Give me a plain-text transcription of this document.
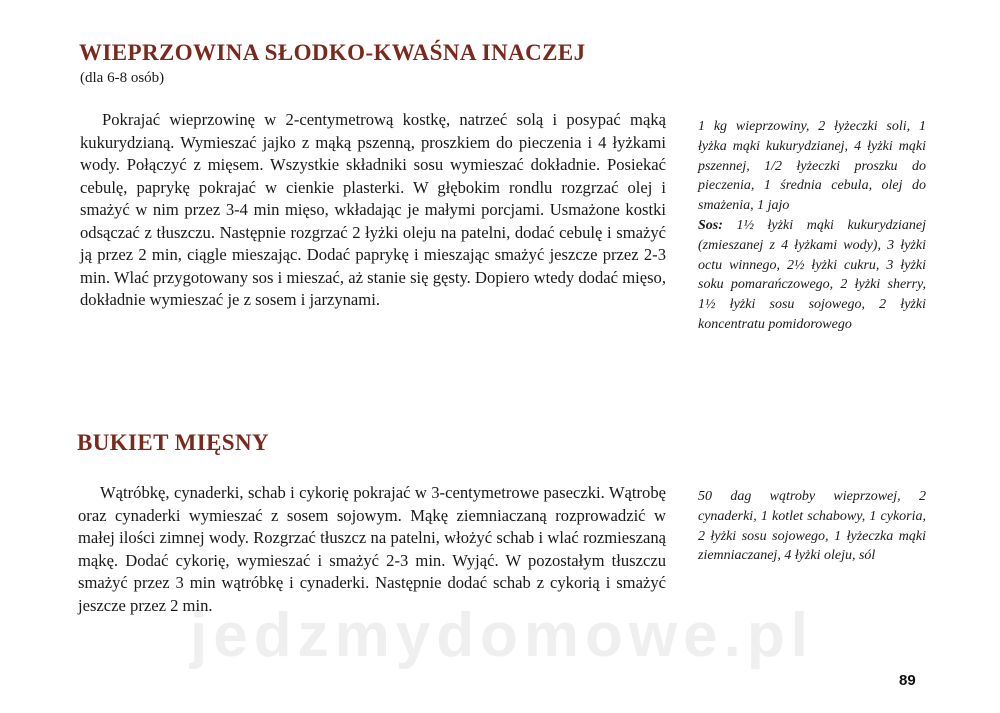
jedzmydomowe.pl
WIEPRZOWINA SŁODKO-KWAŚNA INACZEJ

(dla 6-8 osób)

Pokrajać wieprzowinę w 2-centymetrową kostkę, natrzeć solą i posypać mąką kukurydzianą. Wymieszać jajko z mąką pszenną, proszkiem do pieczenia i 4 łyżkami wody. Połączyć z mięsem. Wszystkie składniki sosu wymieszać dokładnie. Posiekać cebulę, paprykę pokrajać w cienkie plasterki. W głębokim rondlu rozgrzać olej i smażyć w nim przez 3-4 min mięso, wkładając je małymi porcjami. Usmażone kostki odsączać z tłuszczu. Następnie rozgrzać 2 łyżki oleju na patelni, dodać cebulę i smażyć ją przez 2 min, ciągle mieszając. Dodać paprykę i mieszając smażyć jeszcze przez 2-3 min. Wlać przygotowany sos i mieszać, aż stanie się gęsty. Dopiero wtedy dodać mięso, dokładnie wymieszać je z sosem i jarzynami.

1 kg wieprzowiny, 2 łyżeczki soli, 1 łyżka mąki kukurydzianej, 4 łyżki mąki pszennej, 1/2 łyżeczki proszku do pieczenia, 1 średnia cebula, olej do smażenia, 1 jajo
Sos: 1½ łyżki mąki kukurydzianej (zmieszanej z 4 łyżkami wody), 3 łyżki octu winnego, 2½ łyżki cukru, 3 łyżki soku pomarańczowego, 2 łyżki sherry, 1½ łyżki sosu sojowego, 2 łyżki koncentratu pomidorowego
BUKIET MIĘSNY

Wątróbkę, cynaderki, schab i cykorię pokrajać w 3-centymetrowe paseczki. Wątrobę oraz cynaderki wymieszać z sosem sojowym. Mąkę ziemniaczaną rozprowadzić w małej ilości zimnej wody. Rozgrzać tłuszcz na patelni, włożyć schab i wlać rozmieszaną mąkę. Dodać cykorię, wymieszać i smażyć 2-3 min. Wyjąć. W pozostałym tłuszczu smażyć przez 3 min wątróbkę i cynaderki. Następnie dodać schab z cykorią i smażyć jeszcze przez 2 min.

50 dag wątroby wieprzowej, 2 cynaderki, 1 kotlet schabowy, 1 cykoria, 2 łyżki sosu sojowego, 1 łyżeczka mąki ziemniaczanej, 4 łyżki oleju, sól
89
